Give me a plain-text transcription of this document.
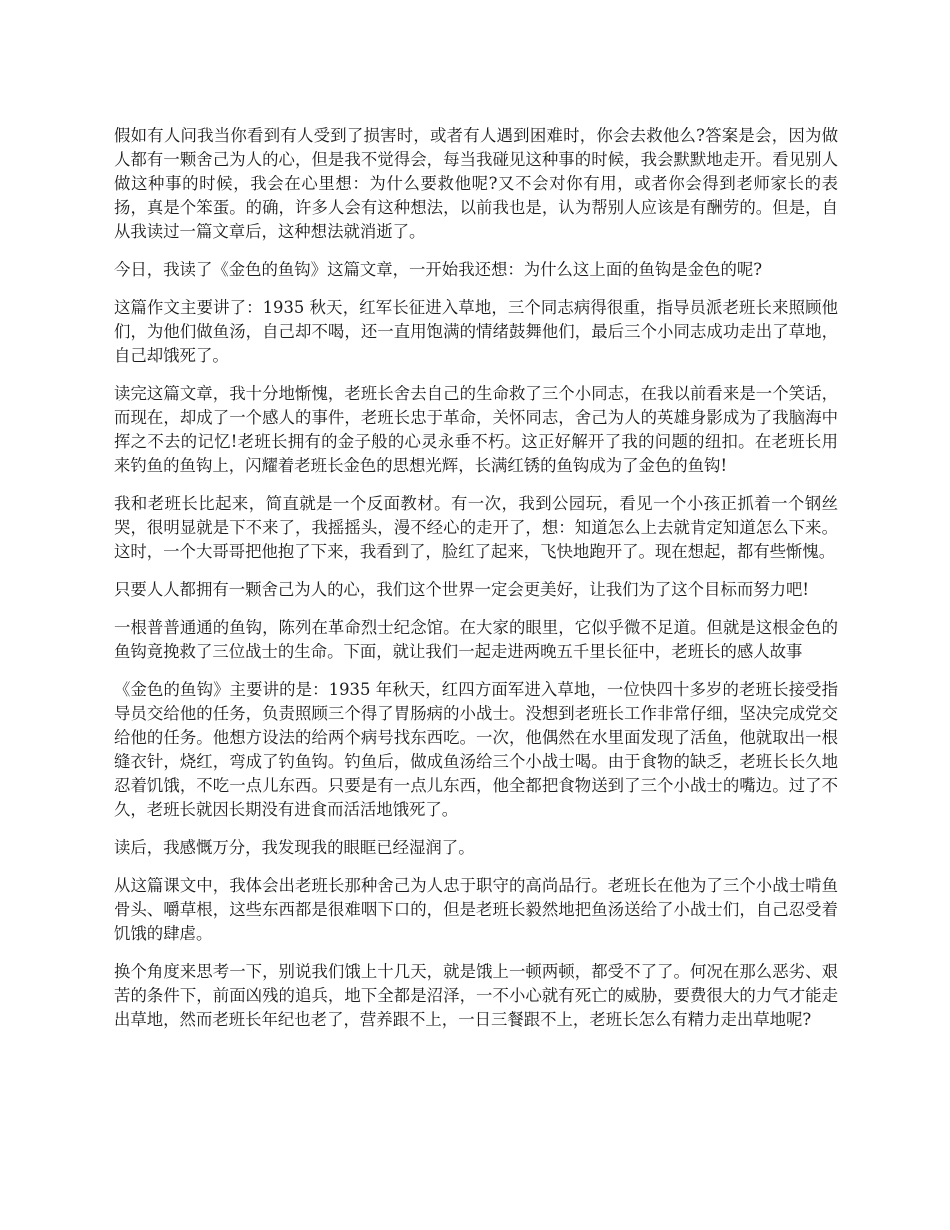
假如有人问我当你看到有人受到了损害时，或者有人遇到困难时，你会去救他么?答案是会，因为做人都有一颗舍己为人的心，但是我不觉得会，每当我碰见这种事的时候，我会默默地走开。看见别人做这种事的时候，我会在心里想：为什么要救他呢?又不会对你有用，或者你会得到老师家长的表扬，真是个笨蛋。的确，许多人会有这种想法，以前我也是，认为帮别人应该是有酬劳的。但是，自从我读过一篇文章后，这种想法就消逝了。

今日，我读了《金色的鱼钩》这篇文章，一开始我还想：为什么这上面的鱼钩是金色的呢?

这篇作文主要讲了：1935 秋天，红军长征进入草地，三个同志病得很重，指导员派老班长来照顾他们，为他们做鱼汤，自己却不喝，还一直用饱满的情绪鼓舞他们，最后三个小同志成功走出了草地，自己却饿死了。

读完这篇文章，我十分地惭愧，老班长舍去自己的生命救了三个小同志，在我以前看来是一个笑话，而现在，却成了一个感人的事件，老班长忠于革命，关怀同志，舍己为人的英雄身影成为了我脑海中挥之不去的记忆!老班长拥有的金子般的心灵永垂不朽。这正好解开了我的问题的纽扣。在老班长用来钓鱼的鱼钩上，闪耀着老班长金色的思想光辉，长满红锈的鱼钩成为了金色的鱼钩!

我和老班长比起来，简直就是一个反面教材。有一次，我到公园玩，看见一个小孩正抓着一个钢丝哭，很明显就是下不来了，我摇摇头，漫不经心的走开了，想：知道怎么上去就肯定知道怎么下来。这时，一个大哥哥把他抱了下来，我看到了，脸红了起来，飞快地跑开了。现在想起，都有些惭愧。

只要人人都拥有一颗舍己为人的心，我们这个世界一定会更美好，让我们为了这个目标而努力吧!

一根普普通通的鱼钩，陈列在革命烈士纪念馆。在大家的眼里，它似乎微不足道。但就是这根金色的鱼钩竟挽救了三位战士的生命。下面，就让我们一起走进两晚五千里长征中，老班长的感人故事

《金色的鱼钩》主要讲的是：1935 年秋天，红四方面军进入草地，一位快四十多岁的老班长接受指导员交给他的任务，负责照顾三个得了胃肠病的小战士。没想到老班长工作非常仔细，坚决完成党交给他的任务。他想方设法的给两个病号找东西吃。一次，他偶然在水里面发现了活鱼，他就取出一根缝衣针，烧红，弯成了钓鱼钩。钓鱼后，做成鱼汤给三个小战士喝。由于食物的缺乏，老班长长久地忍着饥饿，不吃一点儿东西。只要是有一点儿东西，他全都把食物送到了三个小战士的嘴边。过了不久，老班长就因长期没有进食而活活地饿死了。

读后，我感慨万分，我发现我的眼眶已经湿润了。

从这篇课文中，我体会出老班长那种舍己为人忠于职守的高尚品行。老班长在他为了三个小战士啃鱼骨头、嚼草根，这些东西都是很难咽下口的，但是老班长毅然地把鱼汤送给了小战士们，自己忍受着饥饿的肆虐。

换个角度来思考一下，别说我们饿上十几天，就是饿上一顿两顿，都受不了了。何况在那么恶劣、艰苦的条件下，前面凶残的追兵，地下全都是沼泽，一不小心就有死亡的威胁，要费很大的力气才能走出草地，然而老班长年纪也老了，营养跟不上，一日三餐跟不上，老班长怎么有精力走出草地呢?
